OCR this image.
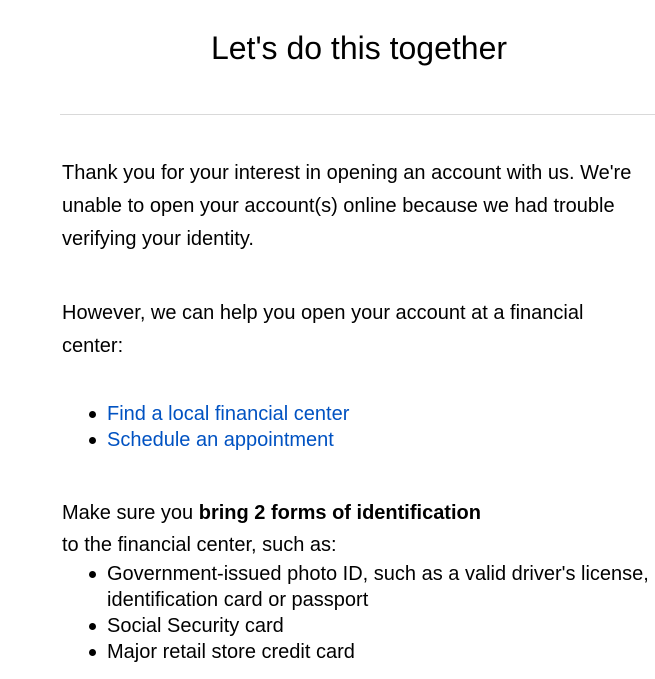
Let's do this together

Thank you for your interest in opening an account with us. We're unable to open your account(s) online because we had trouble verifying your identity.

However, we can help you open your account at a financial center:

Find a local financial center
Schedule an appointment

Make sure you bring 2 forms of identification
to the financial center, such as:

Government-issued photo ID, such as a valid driver's license, identification card or passport
Social Security card
Major retail store credit card
